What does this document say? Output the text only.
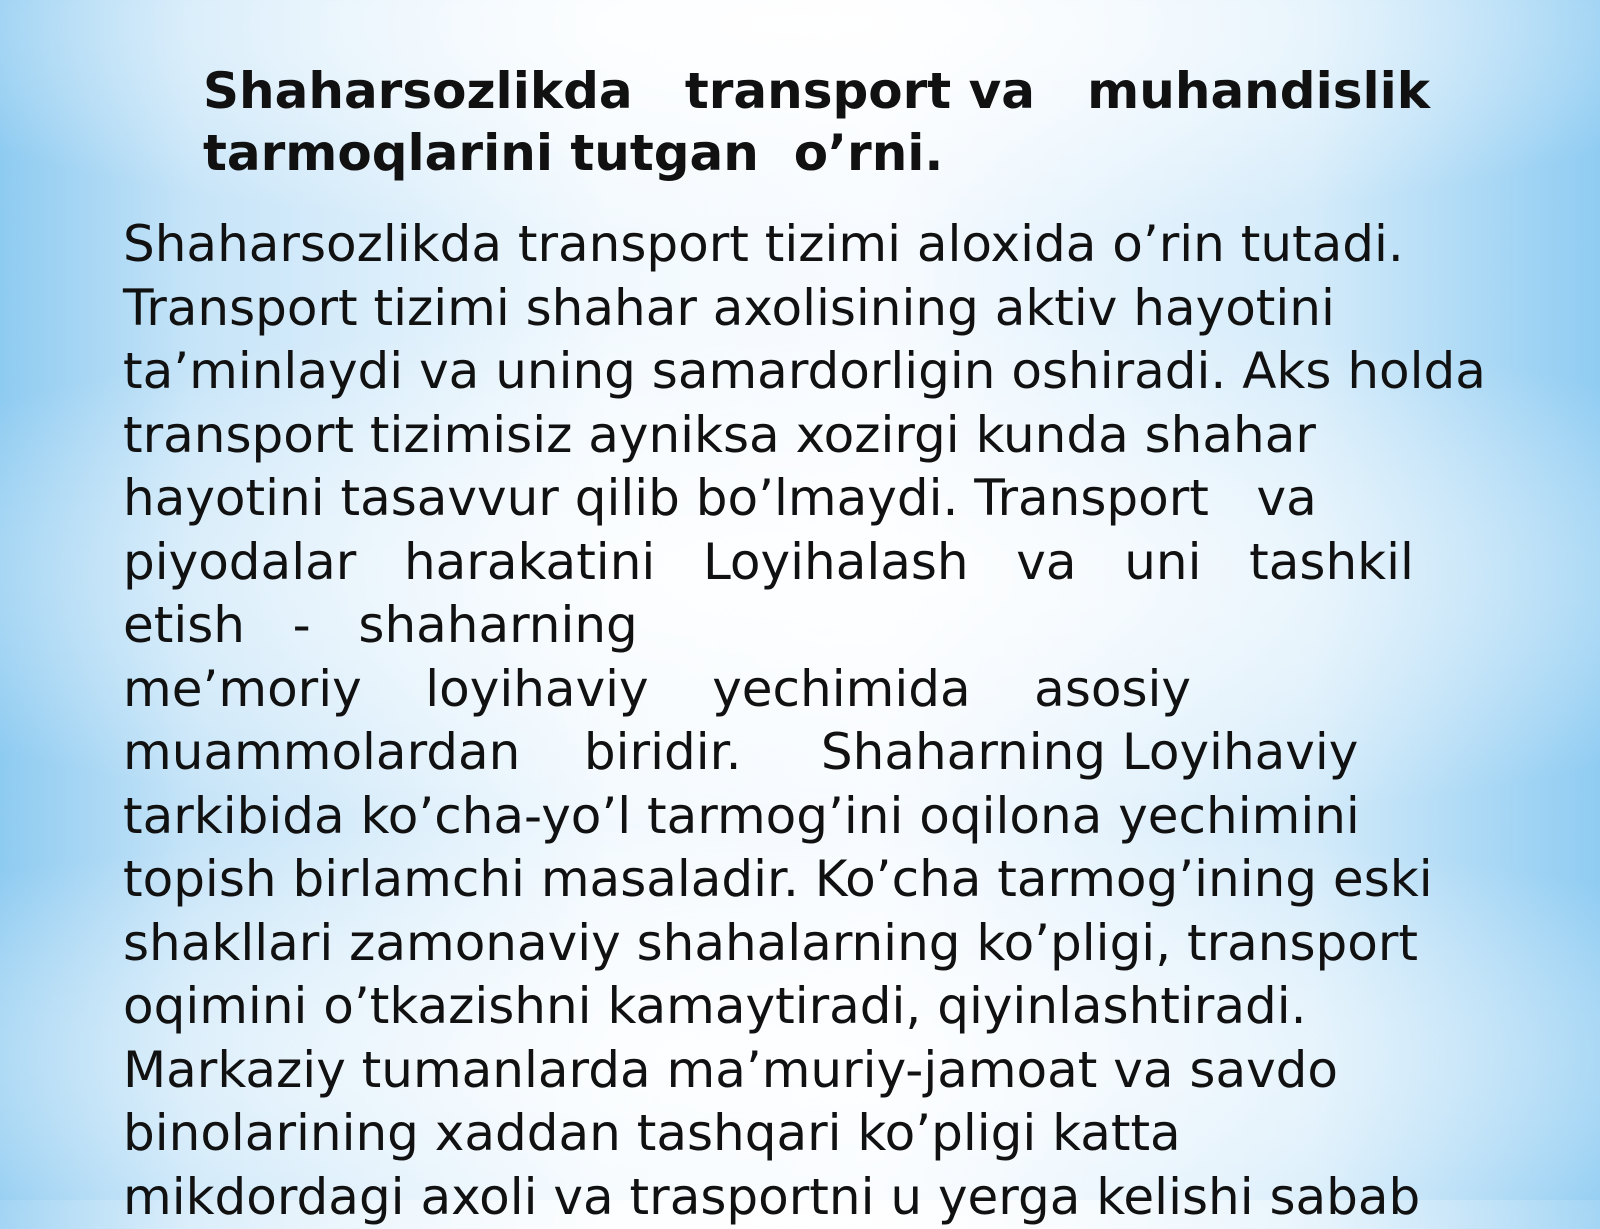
Shaharsozlikda   transport va   muhandislik
tarmoqlarini tutgan  o’rni.
Shaharsozlikda transport tizimi aloxida o’rin tutadi.
Transport tizimi shahar axolisining aktiv hayotini
ta’minlaydi va uning samardorligin oshiradi. Aks holda
transport tizimisiz ayniksa xozirgi kunda shahar
hayotini tasavvur qilib bo’lmaydi. Transport   va
piyodalar   harakatini   Loyihalash   va   uni   tashkil
etish   -   shaharning
me’moriy    loyihaviy    yechimida    asosiy
muammolardan    biridir.     Shaharning Loyihaviy
tarkibida ko’cha-yo’l tarmog’ini oqilona yechimini
topish birlamchi masaladir. Ko’cha tarmog’ining eski
shakllari zamonaviy shahalarning ko’pligi, transport
oqimini o’tkazishni kamaytiradi, qiyinlashtiradi.
Markaziy tumanlarda ma’muriy-jamoat va savdo
binolarining xaddan tashqari ko’pligi katta
mikdordagi axoli va trasportni u yerga kelishi sabab
